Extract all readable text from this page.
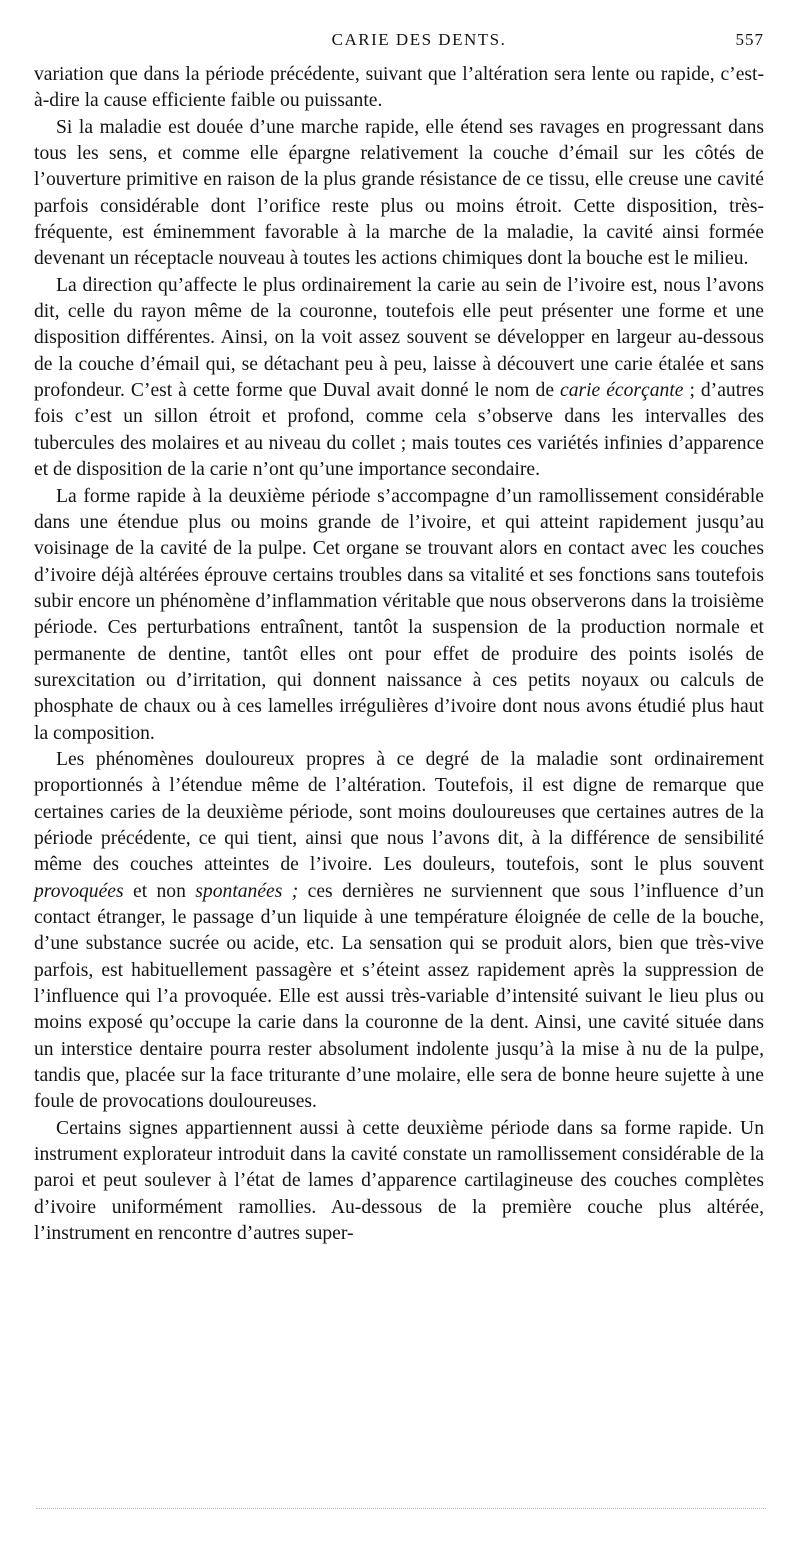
CARIE DES DENTS.	557

variation que dans la période précédente, suivant que l’altération sera lente ou rapide, c’est-à-dire la cause efficiente faible ou puissante.

Si la maladie est douée d’une marche rapide, elle étend ses ravages en progressant dans tous les sens, et comme elle épargne relativement la couche d’émail sur les côtés de l’ouverture primitive en raison de la plus grande résistance de ce tissu, elle creuse une cavité parfois considérable dont l’orifice reste plus ou moins étroit. Cette disposition, très-fréquente, est éminemment favorable à la marche de la maladie, la cavité ainsi formée devenant un réceptacle nouveau à toutes les actions chimiques dont la bouche est le milieu.

La direction qu’affecte le plus ordinairement la carie au sein de l’ivoire est, nous l’avons dit, celle du rayon même de la couronne, toutefois elle peut présenter une forme et une disposition différentes. Ainsi, on la voit assez souvent se développer en largeur au-dessous de la couche d’émail qui, se détachant peu à peu, laisse à découvert une carie étalée et sans profondeur. C’est à cette forme que Duval avait donné le nom de carie écorçante ; d’autres fois c’est un sillon étroit et profond, comme cela s’observe dans les intervalles des tubercules des molaires et au niveau du collet ; mais toutes ces variétés infinies d’apparence et de disposition de la carie n’ont qu’une importance secondaire.

La forme rapide à la deuxième période s’accompagne d’un ramollissement considérable dans une étendue plus ou moins grande de l’ivoire, et qui atteint rapidement jusqu’au voisinage de la cavité de la pulpe. Cet organe se trouvant alors en contact avec les couches d’ivoire déjà altérées éprouve certains troubles dans sa vitalité et ses fonctions sans toutefois subir encore un phénomène d’inflammation véritable que nous observerons dans la troisième période. Ces perturbations entraînent, tantôt la suspension de la production normale et permanente de dentine, tantôt elles ont pour effet de produire des points isolés de surexcitation ou d’irritation, qui donnent naissance à ces petits noyaux ou calculs de phosphate de chaux ou à ces lamelles irrégulières d’ivoire dont nous avons étudié plus haut la composition.

Les phénomènes douloureux propres à ce degré de la maladie sont ordinairement proportionnés à l’étendue même de l’altération. Toutefois, il est digne de remarque que certaines caries de la deuxième période, sont moins douloureuses que certaines autres de la période précédente, ce qui tient, ainsi que nous l’avons dit, à la différence de sensibilité même des couches atteintes de l’ivoire. Les douleurs, toutefois, sont le plus souvent provoquées et non spontanées ; ces dernières ne surviennent que sous l’influence d’un contact étranger, le passage d’un liquide à une température éloignée de celle de la bouche, d’une substance sucrée ou acide, etc. La sensation qui se produit alors, bien que très-vive parfois, est habituellement passagère et s’éteint assez rapidement après la suppression de l’influence qui l’a provoquée. Elle est aussi très-variable d’intensité suivant le lieu plus ou moins exposé qu’occupe la carie dans la couronne de la dent. Ainsi, une cavité située dans un interstice dentaire pourra rester absolument indolente jusqu’à la mise à nu de la pulpe, tandis que, placée sur la face triturante d’une molaire, elle sera de bonne heure sujette à une foule de provocations douloureuses.

Certains signes appartiennent aussi à cette deuxième période dans sa forme rapide. Un instrument explorateur introduit dans la cavité constate un ramollissement considérable de la paroi et peut soulever à l’état de lames d’apparence cartilagineuse des couches complètes d’ivoire uniformément ramollies. Au-dessous de la première couche plus altérée, l’instrument en rencontre d’autres super-
